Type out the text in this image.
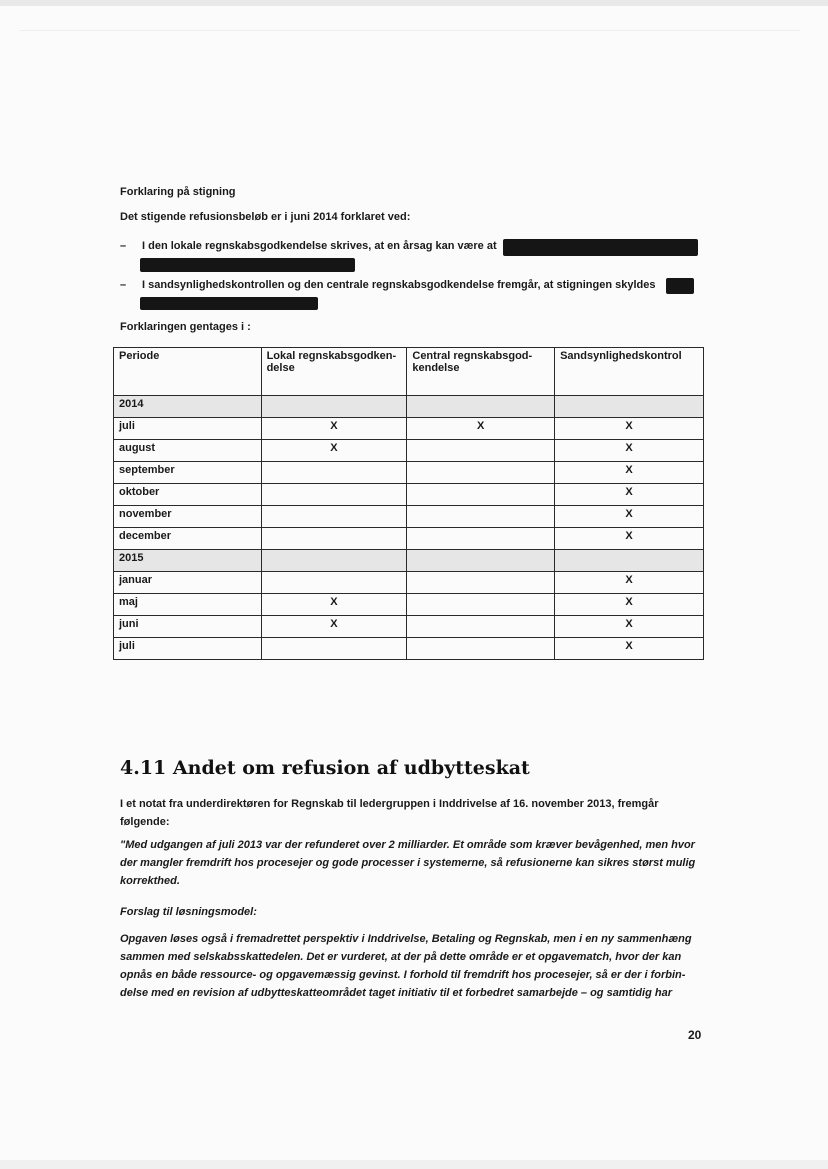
Forklaring på stigning
Det stigende refusionsbeløb er i juni 2014 forklaret ved:
– I den lokale regnskabsgodkendelse skrives, at en årsag kan være at
– I sandsynlighedskontrollen og den centrale regnskabsgodkendelse fremgår, at stigningen skyldes
Forklaringen gentages i :
Periode	Lokal regnskabsgodken-delse	Central regnskabsgod-kendelse	Sandsynlighedskontrol
2014			
juli	X	X	X
august	X		X
september			X
oktober			X
november			X
december			X
2015			
januar			X
maj	X		X
juni	X		X
juli			X
4.11 Andet om refusion af udbytteskat
I et notat fra underdirektøren for Regnskab til ledergruppen i Inddrivelse af 16. november 2013, fremgår følgende:
"Med udgangen af juli 2013 var der refunderet over 2 milliarder. Et område som kræver bevågenhed, men hvor der mangler fremdrift hos procesejer og gode processer i systemerne, så refusionerne kan sikres størst mulig korrekthed.
Forslag til løsningsmodel:
Opgaven løses også i fremadrettet perspektiv i Inddrivelse, Betaling og Regnskab, men i en ny sammenhæng sammen med selskabsskattedelen. Det er vurderet, at der på dette område er et opgavematch, hvor der kan opnås en både ressource- og opgavemæssig gevinst. I forhold til fremdrift hos procesejer, så er der i forbin-delse med en revision af udbytteskatteområdet taget initiativ til et forbedret samarbejde – og samtidig har
20
